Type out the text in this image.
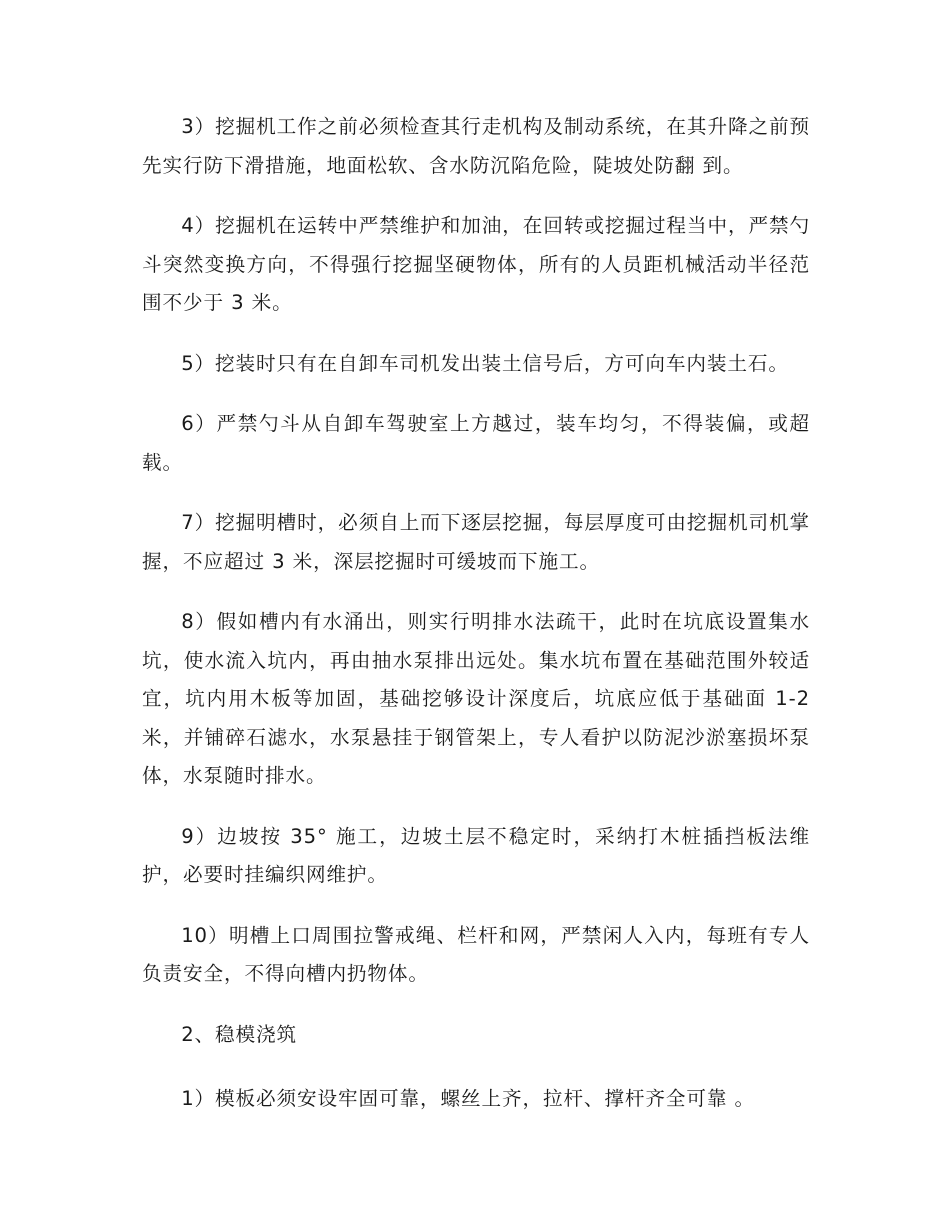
3）挖掘机工作之前必须检查其行走机构及制动系统，在其升降之前预先实行防下滑措施，地面松软、含水防沉陷危险，陡坡处防翻 到。

4）挖掘机在运转中严禁维护和加油，在回转或挖掘过程当中，严禁勺斗突然变换方向，不得强行挖掘坚硬物体，所有的人员距机械活动半径范围不少于 3 米。

5）挖装时只有在自卸车司机发出装土信号后，方可向车内装土石。

6）严禁勺斗从自卸车驾驶室上方越过，装车均匀，不得装偏，或超载。

7）挖掘明槽时，必须自上而下逐层挖掘，每层厚度可由挖掘机司机掌握，不应超过 3 米，深层挖掘时可缓坡而下施工。

8）假如槽内有水涌出，则实行明排水法疏干，此时在坑底设置集水坑，使水流入坑内，再由抽水泵排出远处。集水坑布置在基础范围外较适宜，坑内用木板等加固，基础挖够设计深度后，坑底应低于基础面 1-2 米，并铺碎石滤水，水泵悬挂于钢管架上，专人看护以防泥沙淤塞损坏泵体，水泵随时排水。

9）边坡按 35° 施工，边坡土层不稳定时，采纳打木桩插挡板法维护，必要时挂编织网维护。

10）明槽上口周围拉警戒绳、栏杆和网，严禁闲人入内，每班有专人负责安全，不得向槽内扔物体。

2、稳模浇筑

1）模板必须安设牢固可靠，螺丝上齐，拉杆、撑杆齐全可靠 。
